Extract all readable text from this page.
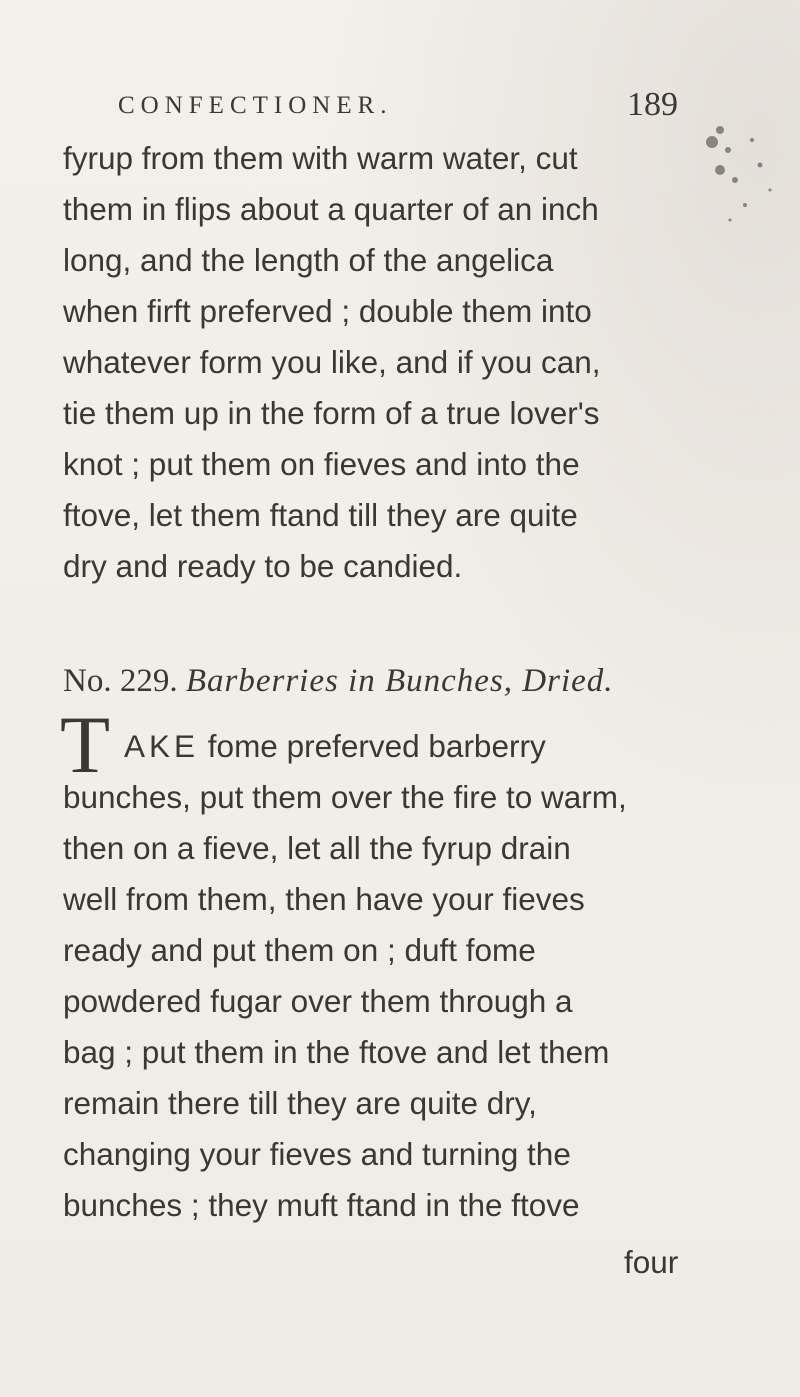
CONFECTIONER.	189
fyrup from them with warm water, cut
them in flips about a quarter of an inch
long, and the length of the angelica
when firft preferved ; double them into
whatever form you like, and if you can,
tie them up in the form of a true lover's
knot ; put them on fieves and into the
ftove, let them ftand till they are quite
dry and ready to be candied.
No. 229. Barberries in Bunches, Dried.
T AKE fome preferved barberry
bunches, put them over the fire to warm,
then on a fieve, let all the fyrup drain
well from them, then have your fieves
ready and put them on ; duft fome
powdered fugar over them through a
bag ; put them in the ftove and let them
remain there till they are quite dry,
changing your fieves and turning the
bunches ; they muft ftand in the ftove
four
